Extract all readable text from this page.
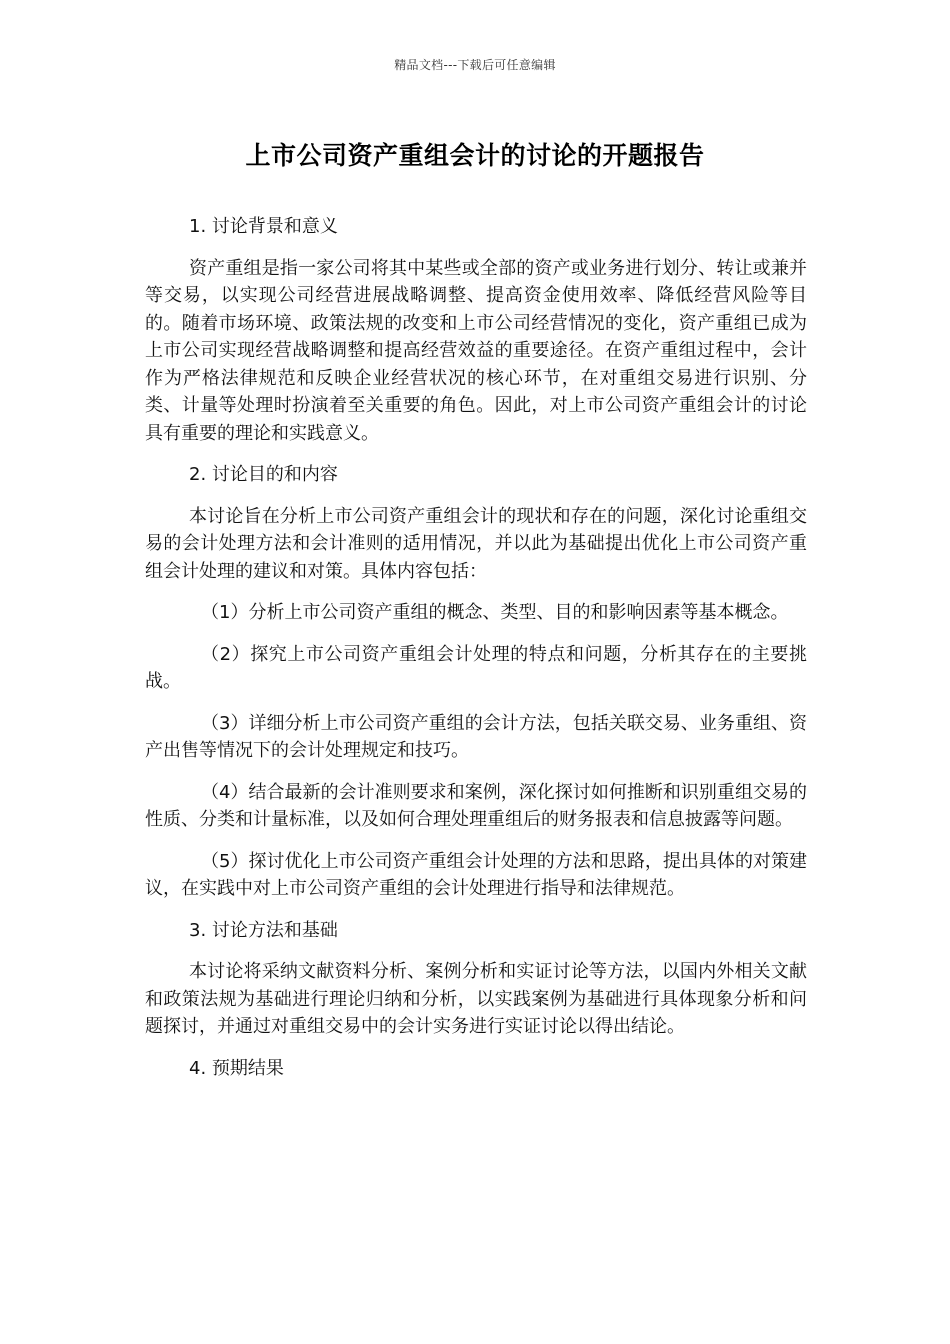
精品文档---下载后可任意编辑
上市公司资产重组会计的讨论的开题报告

1. 讨论背景和意义

资产重组是指一家公司将其中某些或全部的资产或业务进行划分、转让或兼并等交易，以实现公司经营进展战略调整、提高资金使用效率、降低经营风险等目的。随着市场环境、政策法规的改变和上市公司经营情况的变化，资产重组已成为上市公司实现经营战略调整和提高经营效益的重要途径。在资产重组过程中，会计作为严格法律规范和反映企业经营状况的核心环节，在对重组交易进行识别、分类、计量等处理时扮演着至关重要的角色。因此，对上市公司资产重组会计的讨论具有重要的理论和实践意义。

2. 讨论目的和内容

本讨论旨在分析上市公司资产重组会计的现状和存在的问题，深化讨论重组交易的会计处理方法和会计准则的适用情况，并以此为基础提出优化上市公司资产重组会计处理的建议和对策。具体内容包括：

（1）分析上市公司资产重组的概念、类型、目的和影响因素等基本概念。

（2）探究上市公司资产重组会计处理的特点和问题，分析其存在的主要挑战。

（3）详细分析上市公司资产重组的会计方法，包括关联交易、业务重组、资产出售等情况下的会计处理规定和技巧。

（4）结合最新的会计准则要求和案例，深化探讨如何推断和识别重组交易的性质、分类和计量标准，以及如何合理处理重组后的财务报表和信息披露等问题。

（5）探讨优化上市公司资产重组会计处理的方法和思路，提出具体的对策建议，在实践中对上市公司资产重组的会计处理进行指导和法律规范。

3. 讨论方法和基础

本讨论将采纳文献资料分析、案例分析和实证讨论等方法，以国内外相关文献和政策法规为基础进行理论归纳和分析，以实践案例为基础进行具体现象分析和问题探讨，并通过对重组交易中的会计实务进行实证讨论以得出结论。

4. 预期结果
